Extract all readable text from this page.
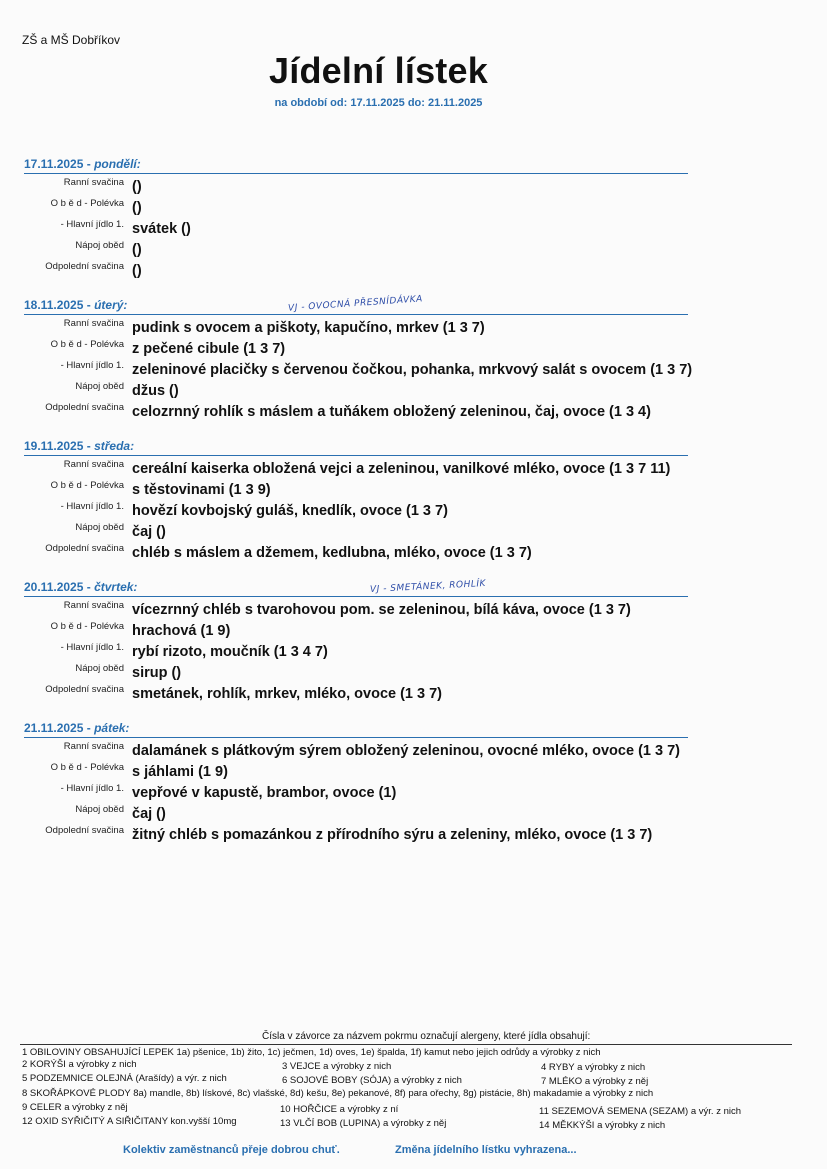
ZŠ a MŠ Dobříkov
Jídelní lístek
na období od: 17.11.2025 do: 21.11.2025
17.11.2025 - pondělí:
Ranní svačina ()
O b ě d - Polévka ()
- Hlavní jídlo 1. svátek ()
Nápoj oběd ()
Odpolední svačina ()
18.11.2025 - úterý:	VJ - OVOCNÁ PŘESNÍDÁVKA
Ranní svačina pudink s ovocem a piškoty, kapučíno, mrkev (1 3 7)
O b ě d - Polévka z pečené cibule (1 3 7)
- Hlavní jídlo 1. zeleninové placičky s červenou čočkou, pohanka, mrkvový salát s ovocem (1 3 7)
Nápoj oběd džus ()
Odpolední svačina celozrnný rohlík s máslem a tuňákem obložený zeleninou, čaj, ovoce (1 3 4)
19.11.2025 - středa:
Ranní svačina cereální kaiserka obložená vejci a zeleninou, vanilkové mléko, ovoce (1 3 7 11)
O b ě d - Polévka s těstovinami (1 3 9)
- Hlavní jídlo 1. hovězí kovbojský guláš, knedlík, ovoce (1 3 7)
Nápoj oběd čaj ()
Odpolední svačina chléb s máslem a džemem, kedlubna, mléko, ovoce (1 3 7)
20.11.2025 - čtvrtek:	VJ - SMETÁNEK, ROHLÍK
Ranní svačina vícezrnný chléb s tvarohovou pom. se zeleninou, bílá káva, ovoce (1 3 7)
O b ě d - Polévka hrachová (1 9)
- Hlavní jídlo 1. rybí rizoto, moučník (1 3 4 7)
Nápoj oběd sirup ()
Odpolední svačina smetánek, rohlík, mrkev, mléko, ovoce (1 3 7)
21.11.2025 - pátek:
Ranní svačina dalamánek s plátkovým sýrem obložený zeleninou, ovocné mléko, ovoce (1 3 7)
O b ě d - Polévka s jáhlami (1 9)
- Hlavní jídlo 1. vepřové v kapustě, brambor, ovoce (1)
Nápoj oběd čaj ()
Odpolední svačina žitný chléb s pomazánkou z přírodního sýru a zeleniny, mléko, ovoce (1 3 7)
Čísla v závorce za názvem pokrmu označují alergeny, které jídla obsahují:
1 OBILOVINY OBSAHUJÍCÍ LEPEK 1a) pšenice, 1b) žito, 1c) ječmen, 1d) oves, 1e) špalda, 1f) kamut nebo jejich odrůdy a výrobky z nich
2 KORÝŠI a výrobky z nich	3 VEJCE a výrobky z nich	4 RYBY a výrobky z nich
5 PODZEMNICE OLEJNÁ (Arašídy) a výr. z nich	6 SOJOVÉ BOBY (SÓJA) a výrobky z nich	7 MLÉKO a výrobky z něj
8 SKOŘÁPKOVÉ PLODY 8a) mandle, 8b) lískové, 8c) vlašské, 8d) kešu, 8e) pekanové, 8f) para ořechy, 8g) pistácie, 8h) makadamie a výrobky z nich
9 CELER a výrobky z něj	10 HOŘČICE a výrobky z ní	11 SEZEMOVÁ SEMENA (SEZAM) a výr. z nich
12 OXID SYŘIČITÝ A SIŘIČITANY kon.vyšší 10mg	13 VLČÍ BOB (LUPINA) a výrobky z něj	14 MĚKKÝŠI a výrobky z nich
Kolektiv zaměstnanců přeje dobrou chuť.	Změna jídelního lístku vyhrazena...
